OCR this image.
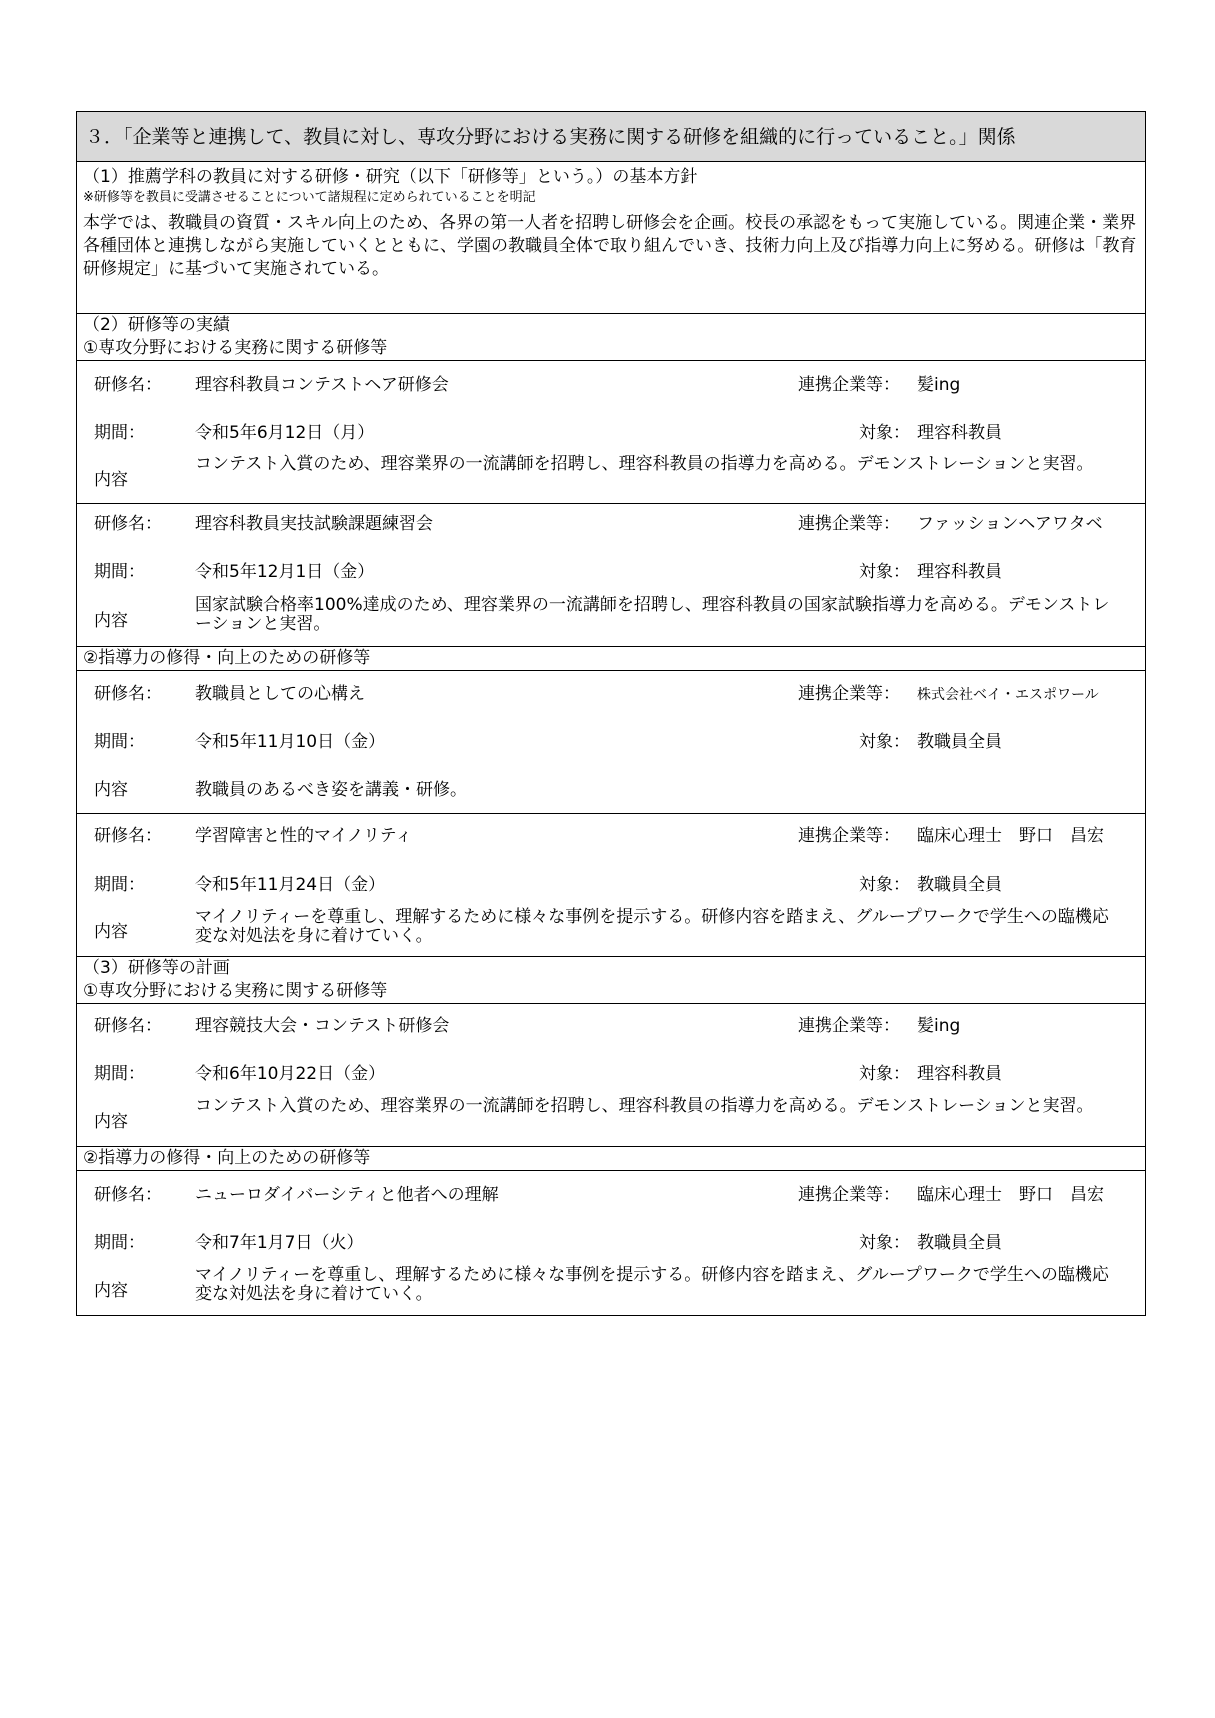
３．「企業等と連携して、教員に対し、専攻分野における実務に関する研修を組織的に行っていること。」関係
（1）推薦学科の教員に対する研修・研究（以下「研修等」という。）の基本方針
※研修等を教員に受講させることについて諸規程に定められていることを明記
本学では、教職員の資質・スキル向上のため、各界の第一人者を招聘し研修会を企画。校長の承認をもって実施している。関連企業・業界各種団体と連携しながら実施していくとともに、学園の教職員全体で取り組んでいき、技術力向上及び指導力向上に努める。研修は「教育研修規定」に基づいて実施されている。
（2）研修等の実績
①専攻分野における実務に関する研修等
研修名： 理容科教員コンテストヘア研修会	連携企業等： 髪ing
期間：	令和5年6月12日（月）	対象： 理容科教員
内容
コンテスト入賞のため、理容業界の一流講師を招聘し、理容科教員の指導力を高める。デモンストレーションと実習。
研修名： 理容科教員実技試験課題練習会	連携企業等： ファッションヘアワタベ
期間：	令和5年12月1日（金）	対象： 理容科教員
内容
国家試験合格率100%達成のため、理容業界の一流講師を招聘し、理容科教員の国家試験指導力を高める。デモンストレーションと実習。
②指導力の修得・向上のための研修等
研修名： 教職員としての心構え	連携企業等： 株式会社ベイ・エスポワール
期間：	令和5年11月10日（金）	対象： 教職員全員
内容	教職員のあるべき姿を講義・研修。
研修名： 学習障害と性的マイノリティ	連携企業等： 臨床心理士　野口　昌宏
期間：	令和5年11月24日（金）	対象： 教職員全員
内容
マイノリティーを尊重し、理解するために様々な事例を提示する。研修内容を踏まえ、グループワークで学生への臨機応変な対処法を身に着けていく。
（3）研修等の計画
①専攻分野における実務に関する研修等
研修名： 理容競技大会・コンテスト研修会	連携企業等： 髪ing
期間：	令和6年10月22日（金）	対象： 理容科教員
内容
コンテスト入賞のため、理容業界の一流講師を招聘し、理容科教員の指導力を高める。デモンストレーションと実習。
②指導力の修得・向上のための研修等
研修名： ニューロダイバーシティと他者への理解	連携企業等： 臨床心理士　野口　昌宏
期間：	令和7年1月7日（火）	対象： 教職員全員
内容
マイノリティーを尊重し、理解するために様々な事例を提示する。研修内容を踏まえ、グループワークで学生への臨機応変な対処法を身に着けていく。
